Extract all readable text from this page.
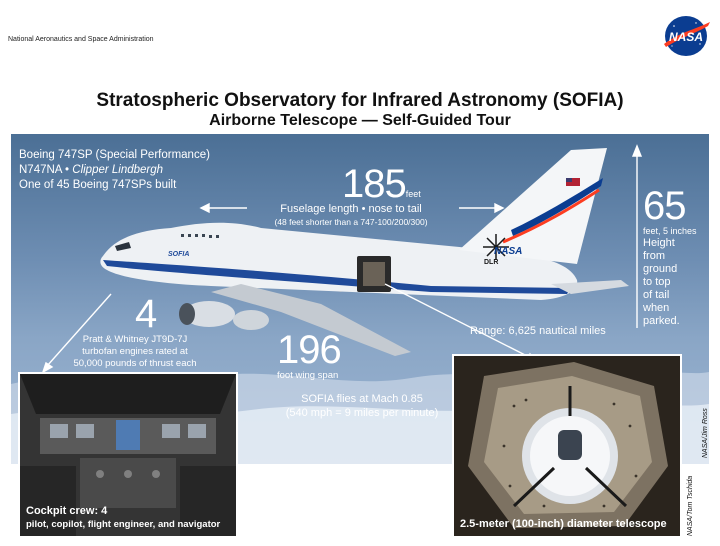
National Aeronautics and Space Administration	NASA
Stratospheric Observatory for Infrared Astronomy (SOFIA)
Airborne Telescope — Self-Guided Tour
Boeing 747SP (Special Performance)
N747NA • Clipper Lindbergh
One of 45 Boeing 747SPs built	185feet
Fuselage length • nose to tail
(48 feet shorter than a 747-100/200/300)	65
feet, 5 inches
Height
from
ground
to top
of tail
when
parked.
4
Pratt & Whitney JT9D-7J
turbofan engines rated at
50,000 pounds of thrust each	196
foot wing span
Range: 6,625 nautical miles
SOFIA flies at Mach 0.85
(540 mph = 9 miles per minute)
Cockpit crew: 4
pilot, copilot, flight engineer, and navigator	2.5-meter (100-inch) diameter telescope
NASA/Jim Ross
NASA/Tom Tschida
NASA
DLR
SOFIA
